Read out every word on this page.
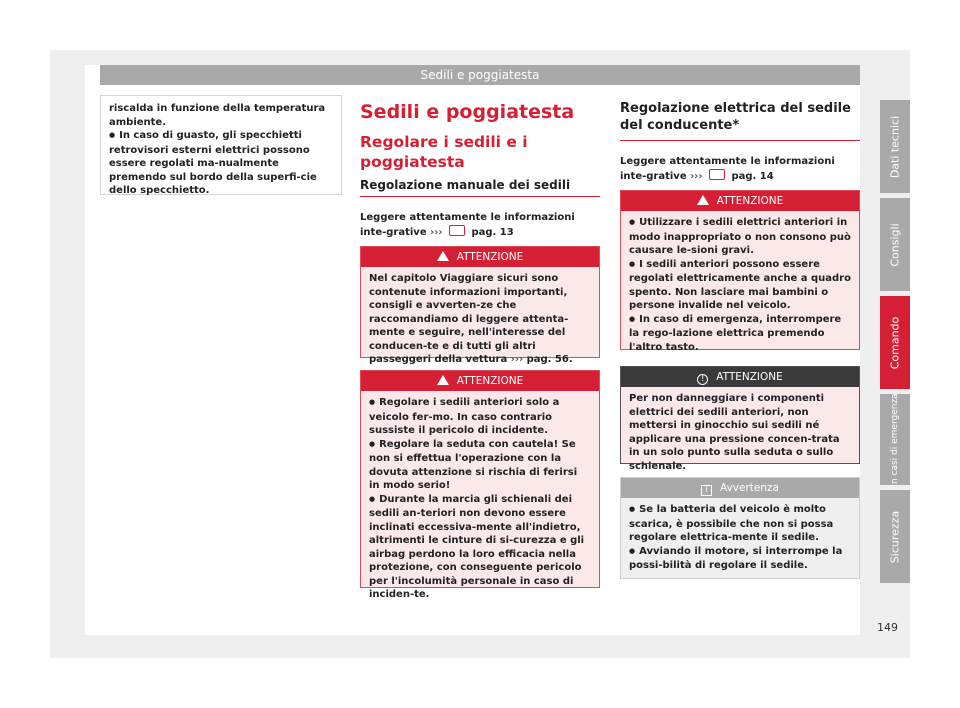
Sedili e poggiatesta

riscalda in funzione della temperatura ambiente.

● In caso di guasto, gli specchietti retrovisori esterni elettrici possono essere regolati ma-nualmente premendo sul bordo della superfi-cie dello specchietto.

Sedili e poggiatesta
Regolare i sedili e i poggiatesta
Regolazione manuale dei sedili
Leggere attentamente le informazioni inte-grative ›››	pag. 13
ATTENZIONE
Nel capitolo Viaggiare sicuri sono contenute informazioni importanti, consigli e avverten-ze che raccomandiamo di leggere attenta-mente e seguire, nell'interesse del conducen-te e di tutti gli altri passeggeri della vettura ››› pag. 56.
ATTENZIONE

● Regolare i sedili anteriori solo a veicolo fer-mo. In caso contrario sussiste il pericolo di incidente.

● Regolare la seduta con cautela! Se non si effettua l'operazione con la dovuta attenzione si rischia di ferirsi in modo serio!

● Durante la marcia gli schienali dei sedili an-teriori non devono essere inclinati eccessiva-mente all'indietro, altrimenti le cinture di si-curezza e gli airbag perdono la loro efficacia nella protezione, con conseguente pericolo per l'incolumità personale in caso di inciden-te.

Regolazione elettrica del sedile del conducente*
Leggere attentamente le informazioni inte-grative ›››	pag. 14
ATTENZIONE

● Utilizzare i sedili elettrici anteriori in modo inappropriato o non consono può causare le-sioni gravi.

● I sedili anteriori possono essere regolati elettricamente anche a quadro spento. Non lasciare mai bambini o persone invalide nel veicolo.

● In caso di emergenza, interrompere la rego-lazione elettrica premendo l'altro tasto.

! ATTENZIONE
Per non danneggiare i componenti elettrici dei sedili anteriori, non mettersi in ginocchio sui sedili né applicare una pressione concen-trata in un solo punto sulla seduta o sullo schienale.
i Avvertenza

● Se la batteria del veicolo è molto scarica, è possibile che non si possa regolare elettrica-mente il sedile.

● Avviando il motore, si interrompe la possi-bilità di regolare il sedile.

Dati tecnici
Consigli
Comando
In casi di emergenza
Sicurezza
149
